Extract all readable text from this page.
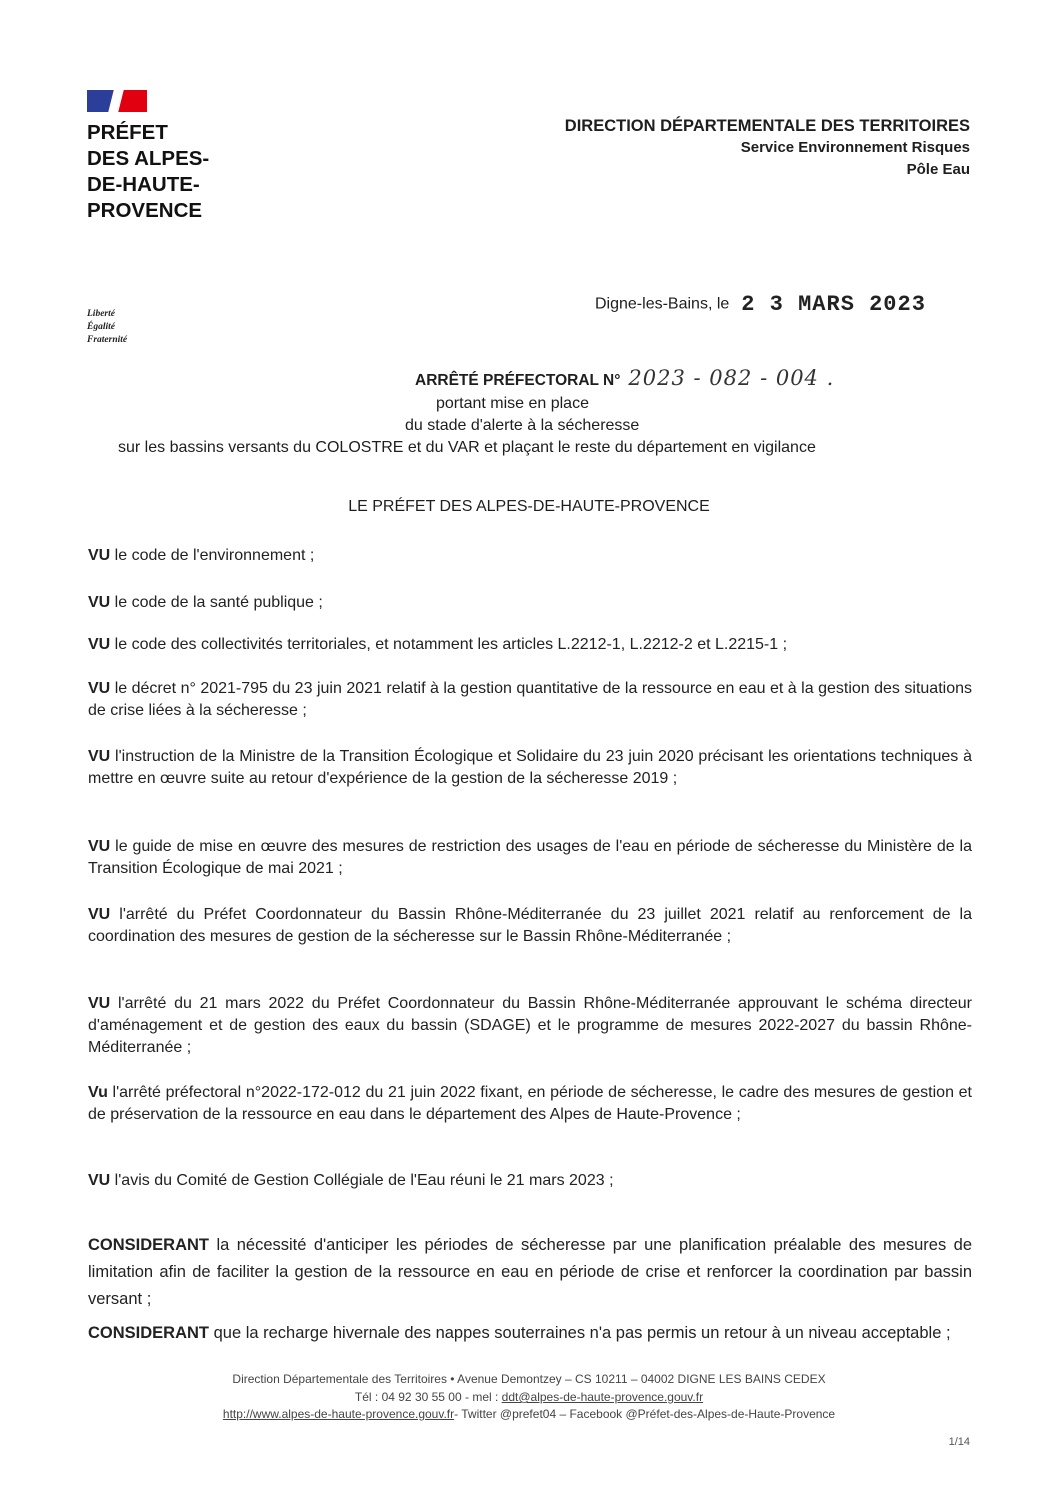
PRÉFET
DES ALPES-
DE-HAUTE-
PROVENCE
Liberté
Égalité
Fraternité
DIRECTION DÉPARTEMENTALE DES TERRITOIRES
Service Environnement Risques
Pôle Eau
Digne-les-Bains, le 2 3 MARS 2023
ARRÊTÉ PRÉFECTORAL N° 2023 - 082 - 004 .
portant mise en place
du stade d'alerte à la sécheresse
sur les bassins versants du COLOSTRE et du VAR et plaçant le reste du département en vigilance
LE PRÉFET DES ALPES-DE-HAUTE-PROVENCE
VU le code de l'environnement ;
VU le code de la santé publique ;
VU le code des collectivités territoriales, et notamment les articles L.2212-1, L.2212-2 et L.2215-1 ;
VU le décret n° 2021-795 du 23 juin 2021 relatif à la gestion quantitative de la ressource en eau et à la gestion des situations de crise liées à la sécheresse ;
VU l'instruction de la Ministre de la Transition Écologique et Solidaire du 23 juin 2020 précisant les orientations techniques à mettre en œuvre suite au retour d'expérience de la gestion de la sécheresse 2019 ;
VU le guide de mise en œuvre des mesures de restriction des usages de l'eau en période de sécheresse du Ministère de la Transition Écologique de mai 2021 ;
VU l'arrêté du Préfet Coordonnateur du Bassin Rhône-Méditerranée du 23 juillet 2021 relatif au renforcement de la coordination des mesures de gestion de la sécheresse sur le Bassin Rhône-Méditerranée ;
VU l'arrêté du 21 mars 2022 du Préfet Coordonnateur du Bassin Rhône-Méditerranée approuvant le schéma directeur d'aménagement et de gestion des eaux du bassin (SDAGE) et le programme de mesures 2022-2027 du bassin Rhône-Méditerranée ;
Vu l'arrêté préfectoral n°2022-172-012 du 21 juin 2022 fixant, en période de sécheresse, le cadre des mesures de gestion et de préservation de la ressource en eau dans le département des Alpes de Haute-Provence ;
VU l'avis du Comité de Gestion Collégiale de l'Eau réuni le 21 mars 2023 ;
CONSIDERANT la nécessité d'anticiper les périodes de sécheresse par une planification préalable des mesures de limitation afin de faciliter la gestion de la ressource en eau en période de crise et renforcer la coordination par bassin versant ;
CONSIDERANT que la recharge hivernale des nappes souterraines n'a pas permis un retour à un niveau acceptable ;
Direction Départementale des Territoires • Avenue Demontzey – CS 10211 – 04002 DIGNE LES BAINS CEDEX
Tél : 04 92 30 55 00 - mel : ddt@alpes-de-haute-provence.gouv.fr
http://www.alpes-de-haute-provence.gouv.fr- Twitter @prefet04 – Facebook @Préfet-des-Alpes-de-Haute-Provence
1/14
